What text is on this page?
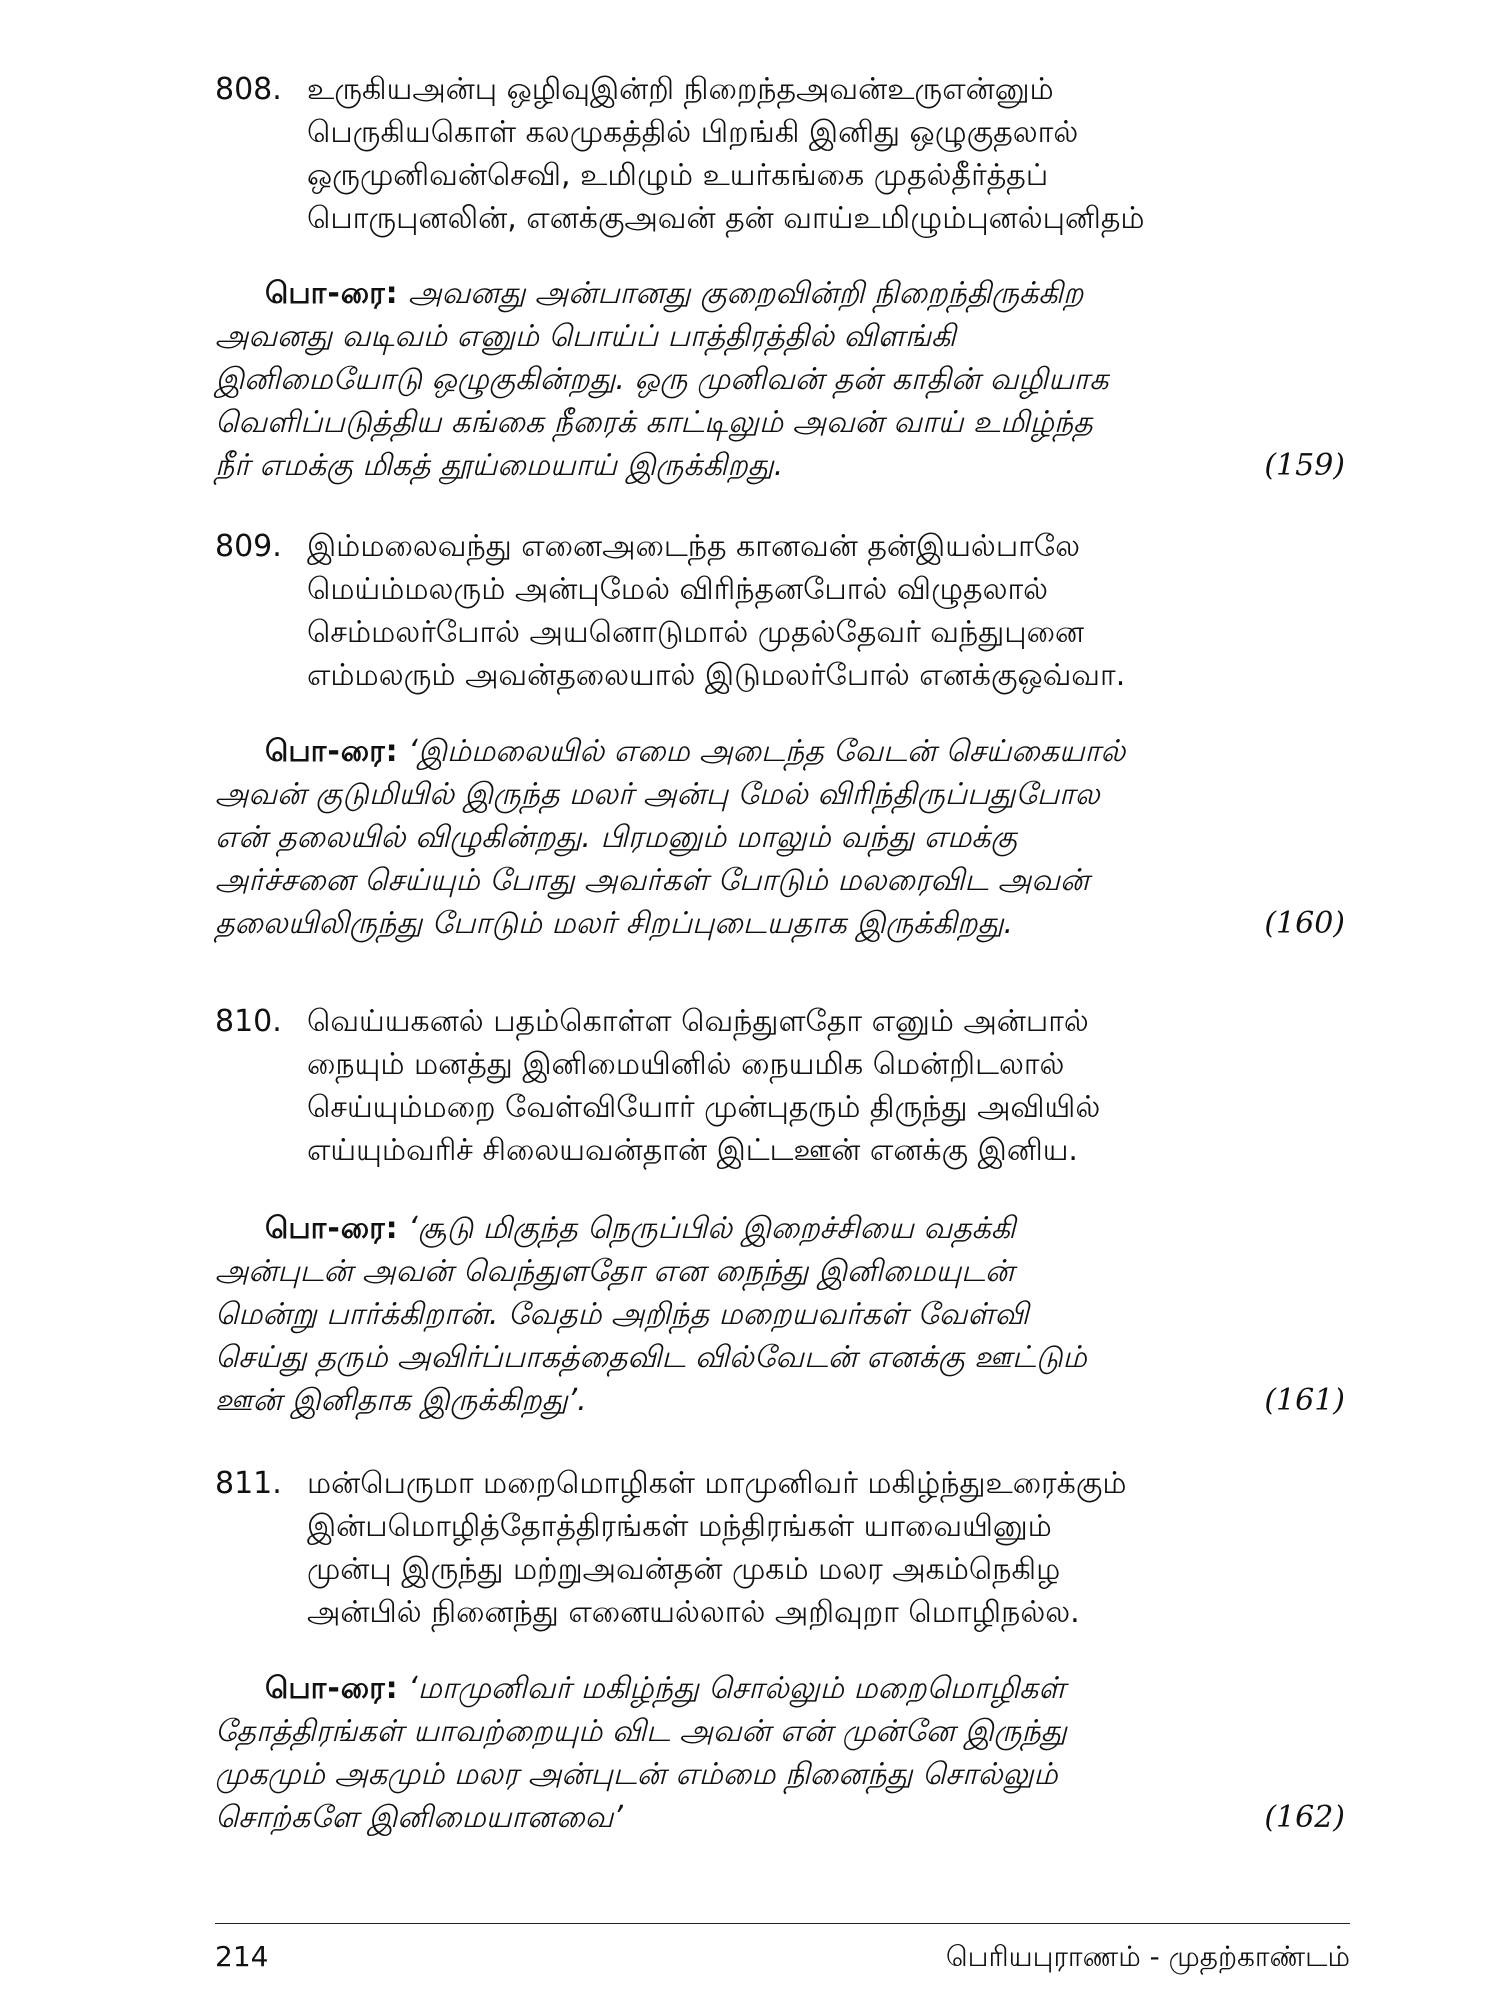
808. உருகியஅன்பு ஒழிவுஇன்றி நிறைந்தஅவன்உருஎன்னும்
பெருகியகொள் கலமுகத்தில் பிறங்கி இனிது ஒழுகுதலால்
ஒருமுனிவன்செவி, உமிழும் உயர்கங்கை முதல்தீர்த்தப்
பொருபுனலின், எனக்குஅவன் தன் வாய்உமிழும்புனல்புனிதம்
பொ-ரை: அவனது அன்பானது குறைவின்றி நிறைந்திருக்கிற
அவனது வடிவம் எனும் பொய்ப் பாத்திரத்தில் விளங்கி
இனிமையோடு ஒழுகுகின்றது. ஒரு முனிவன் தன் காதின் வழியாக
வெளிப்படுத்திய கங்கை நீரைக் காட்டிலும் அவன் வாய் உமிழ்ந்த
நீர் எமக்கு மிகத் தூய்மையாய் இருக்கிறது.	(159)
809. இம்மலைவந்து எனைஅடைந்த கானவன் தன்இயல்பாலே
மெய்ம்மலரும் அன்புமேல் விரிந்தனபோல் விழுதலால்
செம்மலர்போல் அயனொடுமால் முதல்தேவர் வந்துபுனை
எம்மலரும் அவன்தலையால் இடுமலர்போல் எனக்குஒவ்வா.
பொ-ரை: ‘இம்மலையில் எமை அடைந்த வேடன் செய்கையால்
அவன் குடுமியில் இருந்த மலர் அன்பு மேல் விரிந்திருப்பதுபோல
என் தலையில் விழுகின்றது. பிரமனும் மாலும் வந்து எமக்கு
அர்ச்சனை செய்யும் போது அவர்கள் போடும் மலரைவிட அவன்
தலையிலிருந்து போடும் மலர் சிறப்புடையதாக இருக்கிறது.	(160)
810. வெய்யகனல் பதம்கொள்ள வெந்துளதோ எனும் அன்பால்
நையும் மனத்து இனிமையினில் நையமிக மென்றிடலால்
செய்யும்மறை வேள்வியோர் முன்புதரும் திருந்து அவியில்
எய்யும்வரிச் சிலையவன்தான் இட்டஊன் எனக்கு இனிய.
பொ-ரை: ‘சூடு மிகுந்த நெருப்பில் இறைச்சியை வதக்கி
அன்புடன் அவன் வெந்துளதோ என நைந்து இனிமையுடன்
மென்று பார்க்கிறான். வேதம் அறிந்த மறையவர்கள் வேள்வி
செய்து தரும் அவிர்ப்பாகத்தைவிட வில்வேடன் எனக்கு ஊட்டும்
ஊன் இனிதாக இருக்கிறது’.	(161)
811. மன்பெருமா மறைமொழிகள் மாமுனிவர் மகிழ்ந்துஉரைக்கும்
இன்பமொழித்தோத்திரங்கள் மந்திரங்கள் யாவையினும்
முன்பு இருந்து மற்றுஅவன்தன் முகம் மலர அகம்நெகிழ
அன்பில் நினைந்து எனையல்லால் அறிவுறா மொழிநல்ல.
பொ-ரை: ‘மாமுனிவர் மகிழ்ந்து சொல்லும் மறைமொழிகள்
தோத்திரங்கள் யாவற்றையும் விட அவன் என் முன்னே இருந்து
முகமும் அகமும் மலர அன்புடன் எம்மை நினைந்து சொல்லும்
சொற்களே இனிமையானவை’	(162)
214	பெரியபுராணம் - முதற்காண்டம்
